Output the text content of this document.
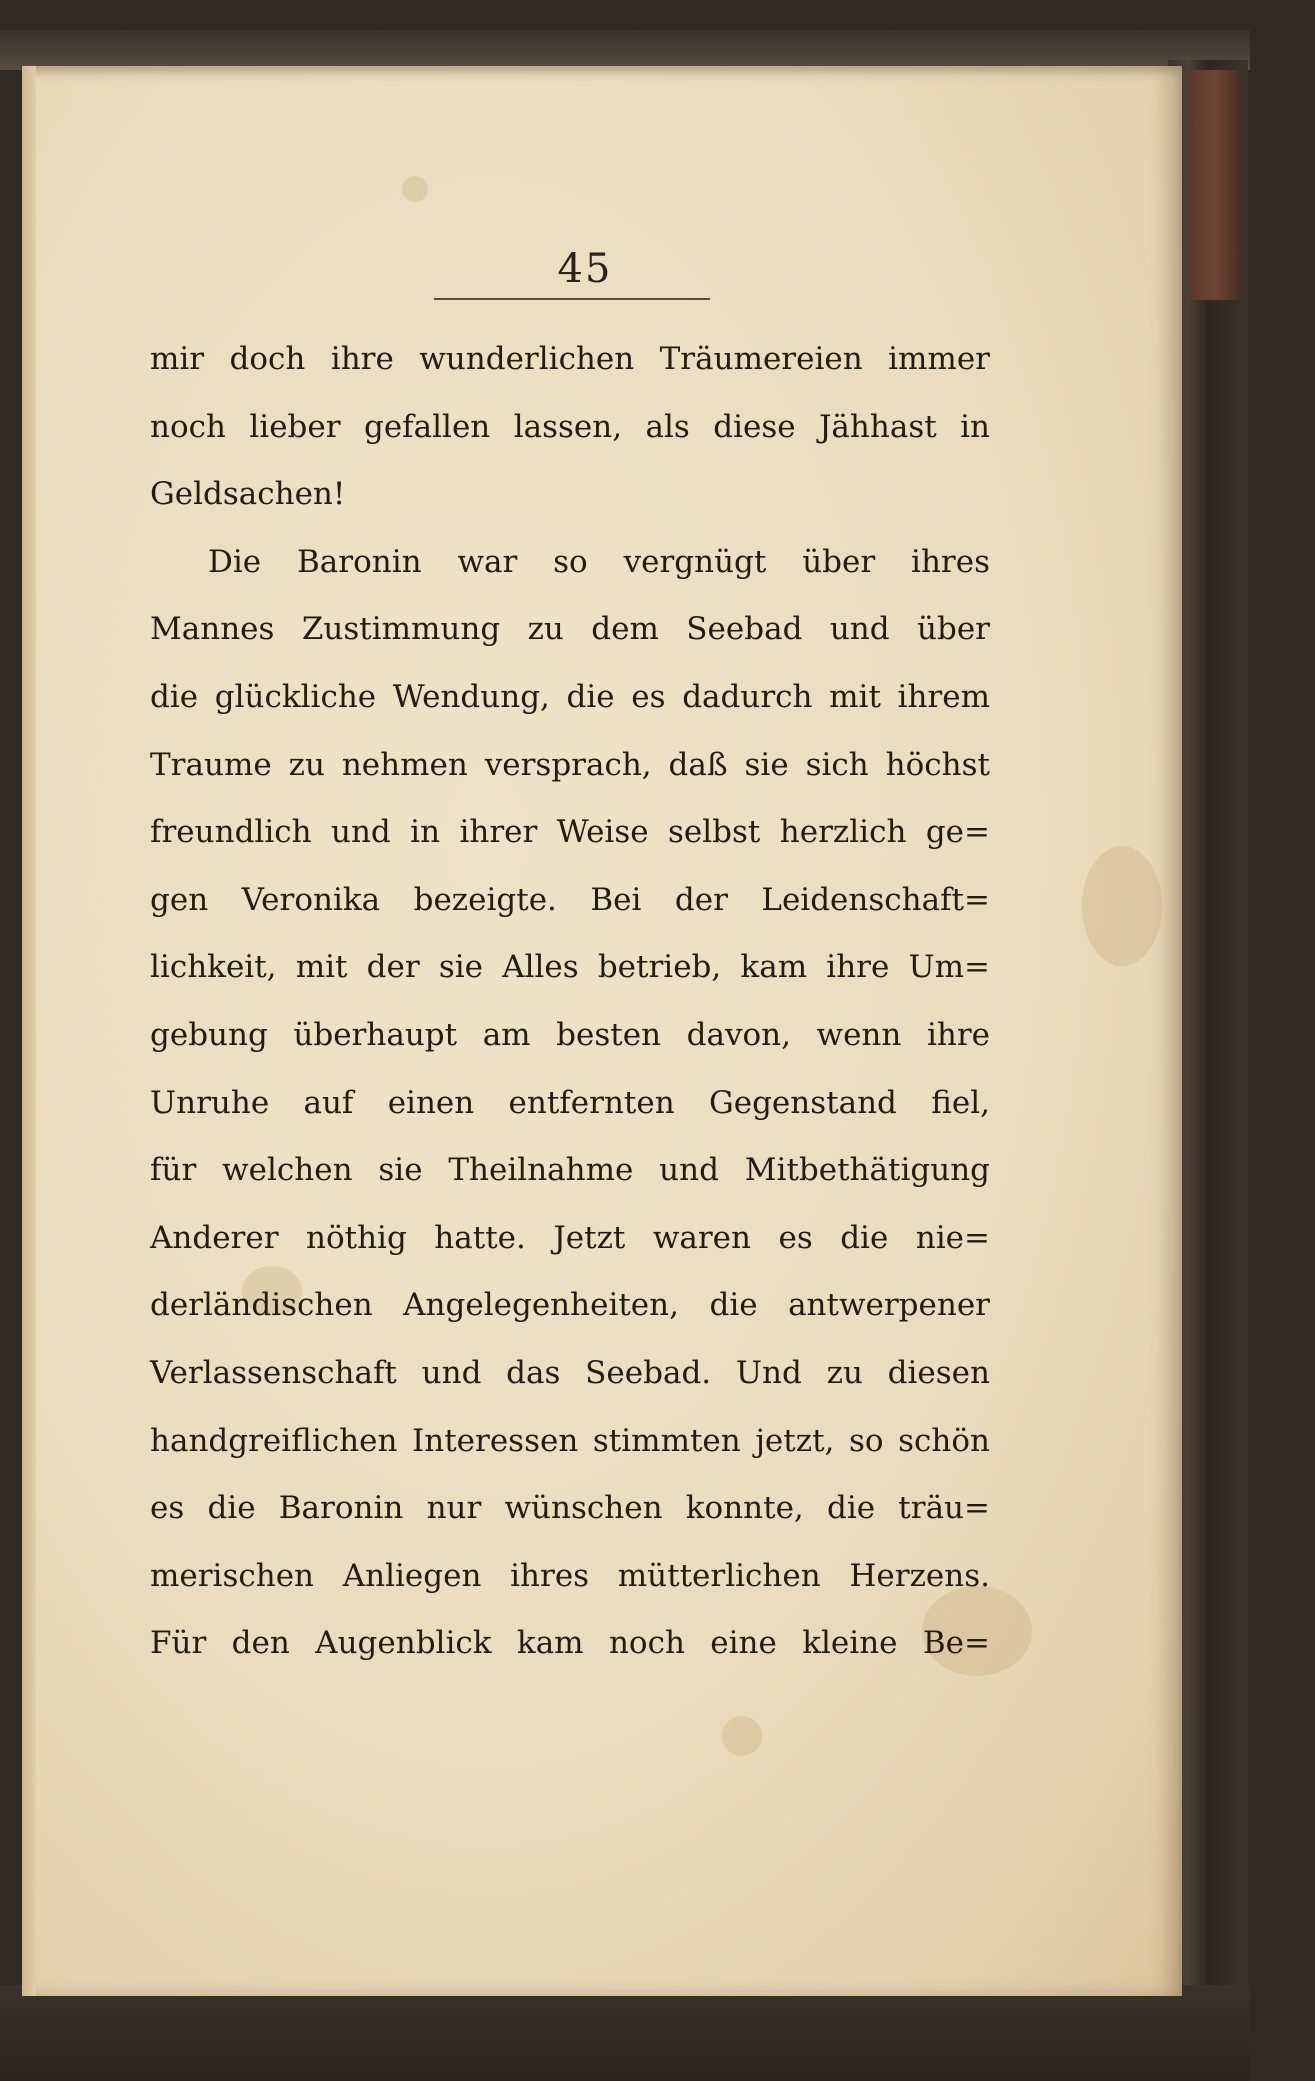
45
mir doch ihre wunderlichen Träumereien immer
noch lieber gefallen lassen, als diese Jähhast in
Geldsachen!
Die Baronin war so vergnügt über ihres
Mannes Zustimmung zu dem Seebad und über
die glückliche Wendung, die es dadurch mit ihrem
Traume zu nehmen versprach, daß sie sich höchst
freundlich und in ihrer Weise selbst herzlich ge=
gen Veronika bezeigte. Bei der Leidenschaft=
lichkeit, mit der sie Alles betrieb, kam ihre Um=
gebung überhaupt am besten davon, wenn ihre
Unruhe auf einen entfernten Gegenstand fiel,
für welchen sie Theilnahme und Mitbethätigung
Anderer nöthig hatte. Jetzt waren es die nie=
derländischen Angelegenheiten, die antwerpener
Verlassenschaft und das Seebad. Und zu diesen
handgreiflichen Interessen stimmten jetzt, so schön
es die Baronin nur wünschen konnte, die träu=
merischen Anliegen ihres mütterlichen Herzens.
Für den Augenblick kam noch eine kleine Be=
